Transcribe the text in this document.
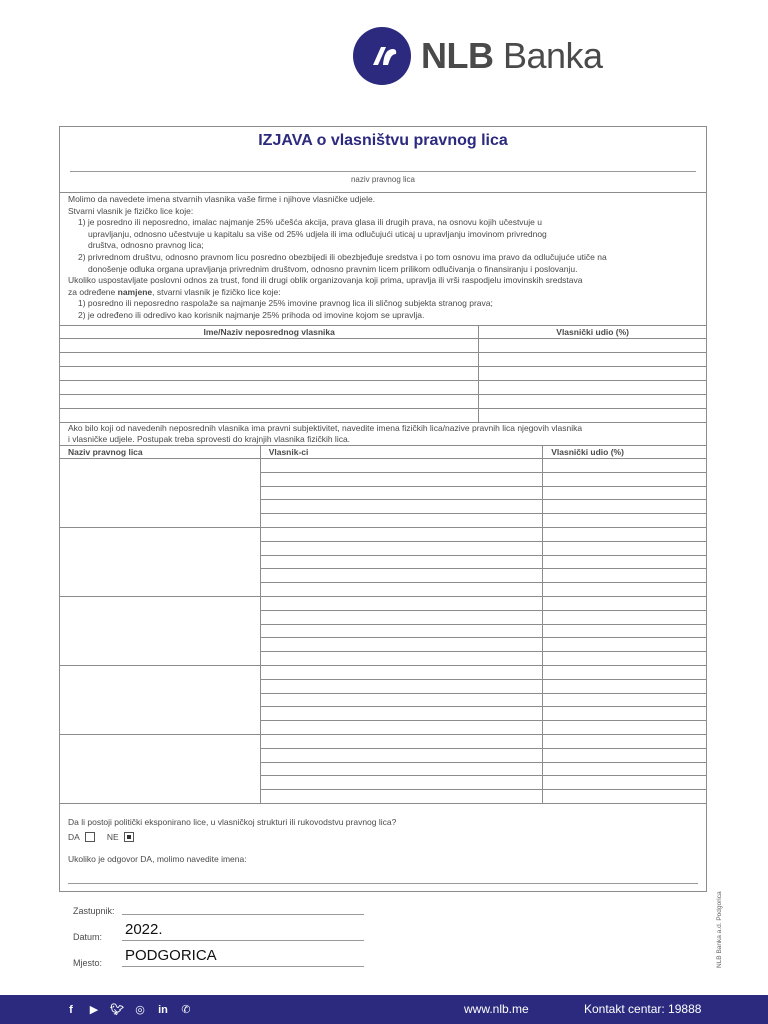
NLB Banka
IZJAVA o vlasništvu pravnog lica
naziv pravnog lica
Molimo da navedete imena stvarnih vlasnika vaše firme i njihove vlasničke udjele.
Stvarni vlasnik je fizičko lice koje:
1) je posredno ili neposredno, imalac najmanje 25% učešća akcija, prava glasa ili drugih prava, na osnovu kojih učestvuje u
upravljanju, odnosno učestvuje u kapitalu sa više od 25% udjela ili ima odlučujući uticaj u upravljanju imovinom privrednog
društva, odnosno pravnog lica;
2) privrednom društvu, odnosno pravnom licu posredno obezbijedi ili obezbjeđuje sredstva i po tom osnovu ima pravo da odlučujuće utiče na
donošenje odluka organa upravljanja privrednim društvom, odnosno pravnim licem prilikom odlučivanja o finansiranju i poslovanju.
Ukoliko uspostavljate poslovni odnos za trust, fond ili drugi oblik organizovanja koji prima, upravlja ili vrši raspodjelu imovinskih sredstava
za određene namjene, stvarni vlasnik je fizičko lice koje:
1) posredno ili neposredno raspolaže sa najmanje 25% imovine pravnog lica ili sličnog subjekta stranog prava;
2) je određeno ili odredivo kao korisnik najmanje 25% prihoda od imovine kojom se upravlja.
Ime/Naziv neposrednog vlasnika	Vlasnički udio (%)

Ako bilo koji od navedenih neposrednih vlasnika ima pravni subjektivitet, navedite imena fizičkih lica/nazive pravnih lica njegovih vlasnika
i vlasničke udjele. Postupak treba sprovesti do krajnjih vlasnika fizičkih lica.
Naziv pravnog lica	Vlasnik-ci	Vlasnički udio (%)

Da li postoji politički eksponirano lice, u vlasničkoj strukturi ili rukovodstvu pravnog lica?
DA	NE
Ukoliko je odgovor DA, molimo navedite imena:
Zastupnik:
Datum: 2022.
Mjesto: PODGORICA	NLB Banka a.d. Podgorica
f	▶ 🐦︎ ◎ in ✆	www.nlb.me	Kontakt centar: 19888
